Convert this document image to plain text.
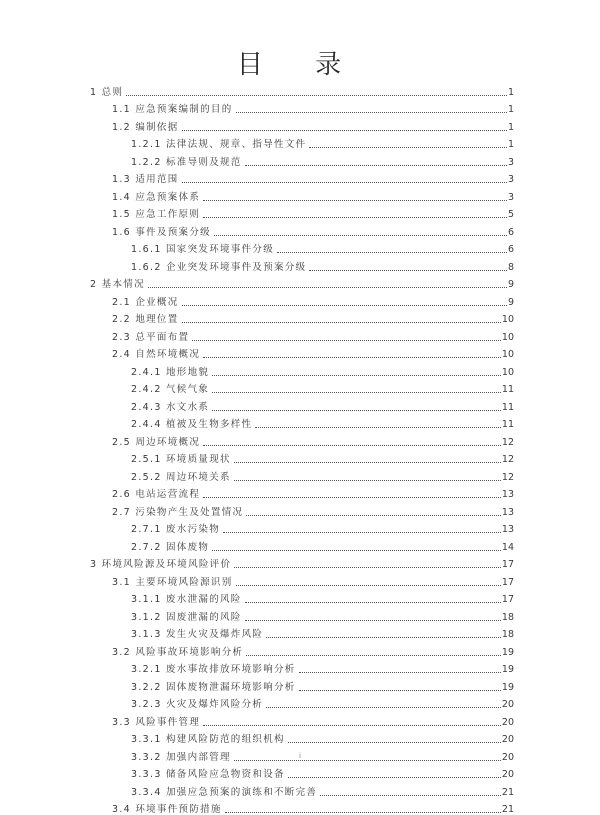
目 录
1 总则	1
1.1 应急预案编制的目的	1
1.2 编制依据	1
1.2.1 法律法规、规章、指导性文件	1
1.2.2 标准导则及规范	3
1.3 适用范围	3
1.4 应急预案体系	3
1.5 应急工作原则	5
1.6 事件及预案分级	6
1.6.1 国家突发环境事件分级	6
1.6.2 企业突发环境事件及预案分级	8
2 基本情况	9
2.1 企业概况	9
2.2 地理位置	10
2.3 总平面布置	10
2.4 自然环境概况	10
2.4.1 地形地貌	10
2.4.2 气候气象	11
2.4.3 水文水系	11
2.4.4 植被及生物多样性	11
2.5 周边环境概况	12
2.5.1 环境质量现状	12
2.5.2 周边环境关系	12
2.6 电站运营流程	13
2.7 污染物产生及处置情况	13
2.7.1 废水污染物	13
2.7.2 固体废物	14
3 环境风险源及环境风险评价	17
3.1 主要环境风险源识别	17
3.1.1 废水泄漏的风险	17
3.1.2 固废泄漏的风险	18
3.1.3 发生火灾及爆炸风险	18
3.2 风险事故环境影响分析	19
3.2.1 废水事故排放环境影响分析	19
3.2.2 固体废物泄漏环境影响分析	19
3.2.3 火灾及爆炸风险分析	20
3.3 风险事件管理	20
3.3.1 构建风险防范的组织机构	20
3.3.2 加强内部管理	20
3.3.3 储备风险应急物资和设备	20
3.3.4 加强应急预案的演练和不断完善	21
3.4 环境事件预防措施	21
i
